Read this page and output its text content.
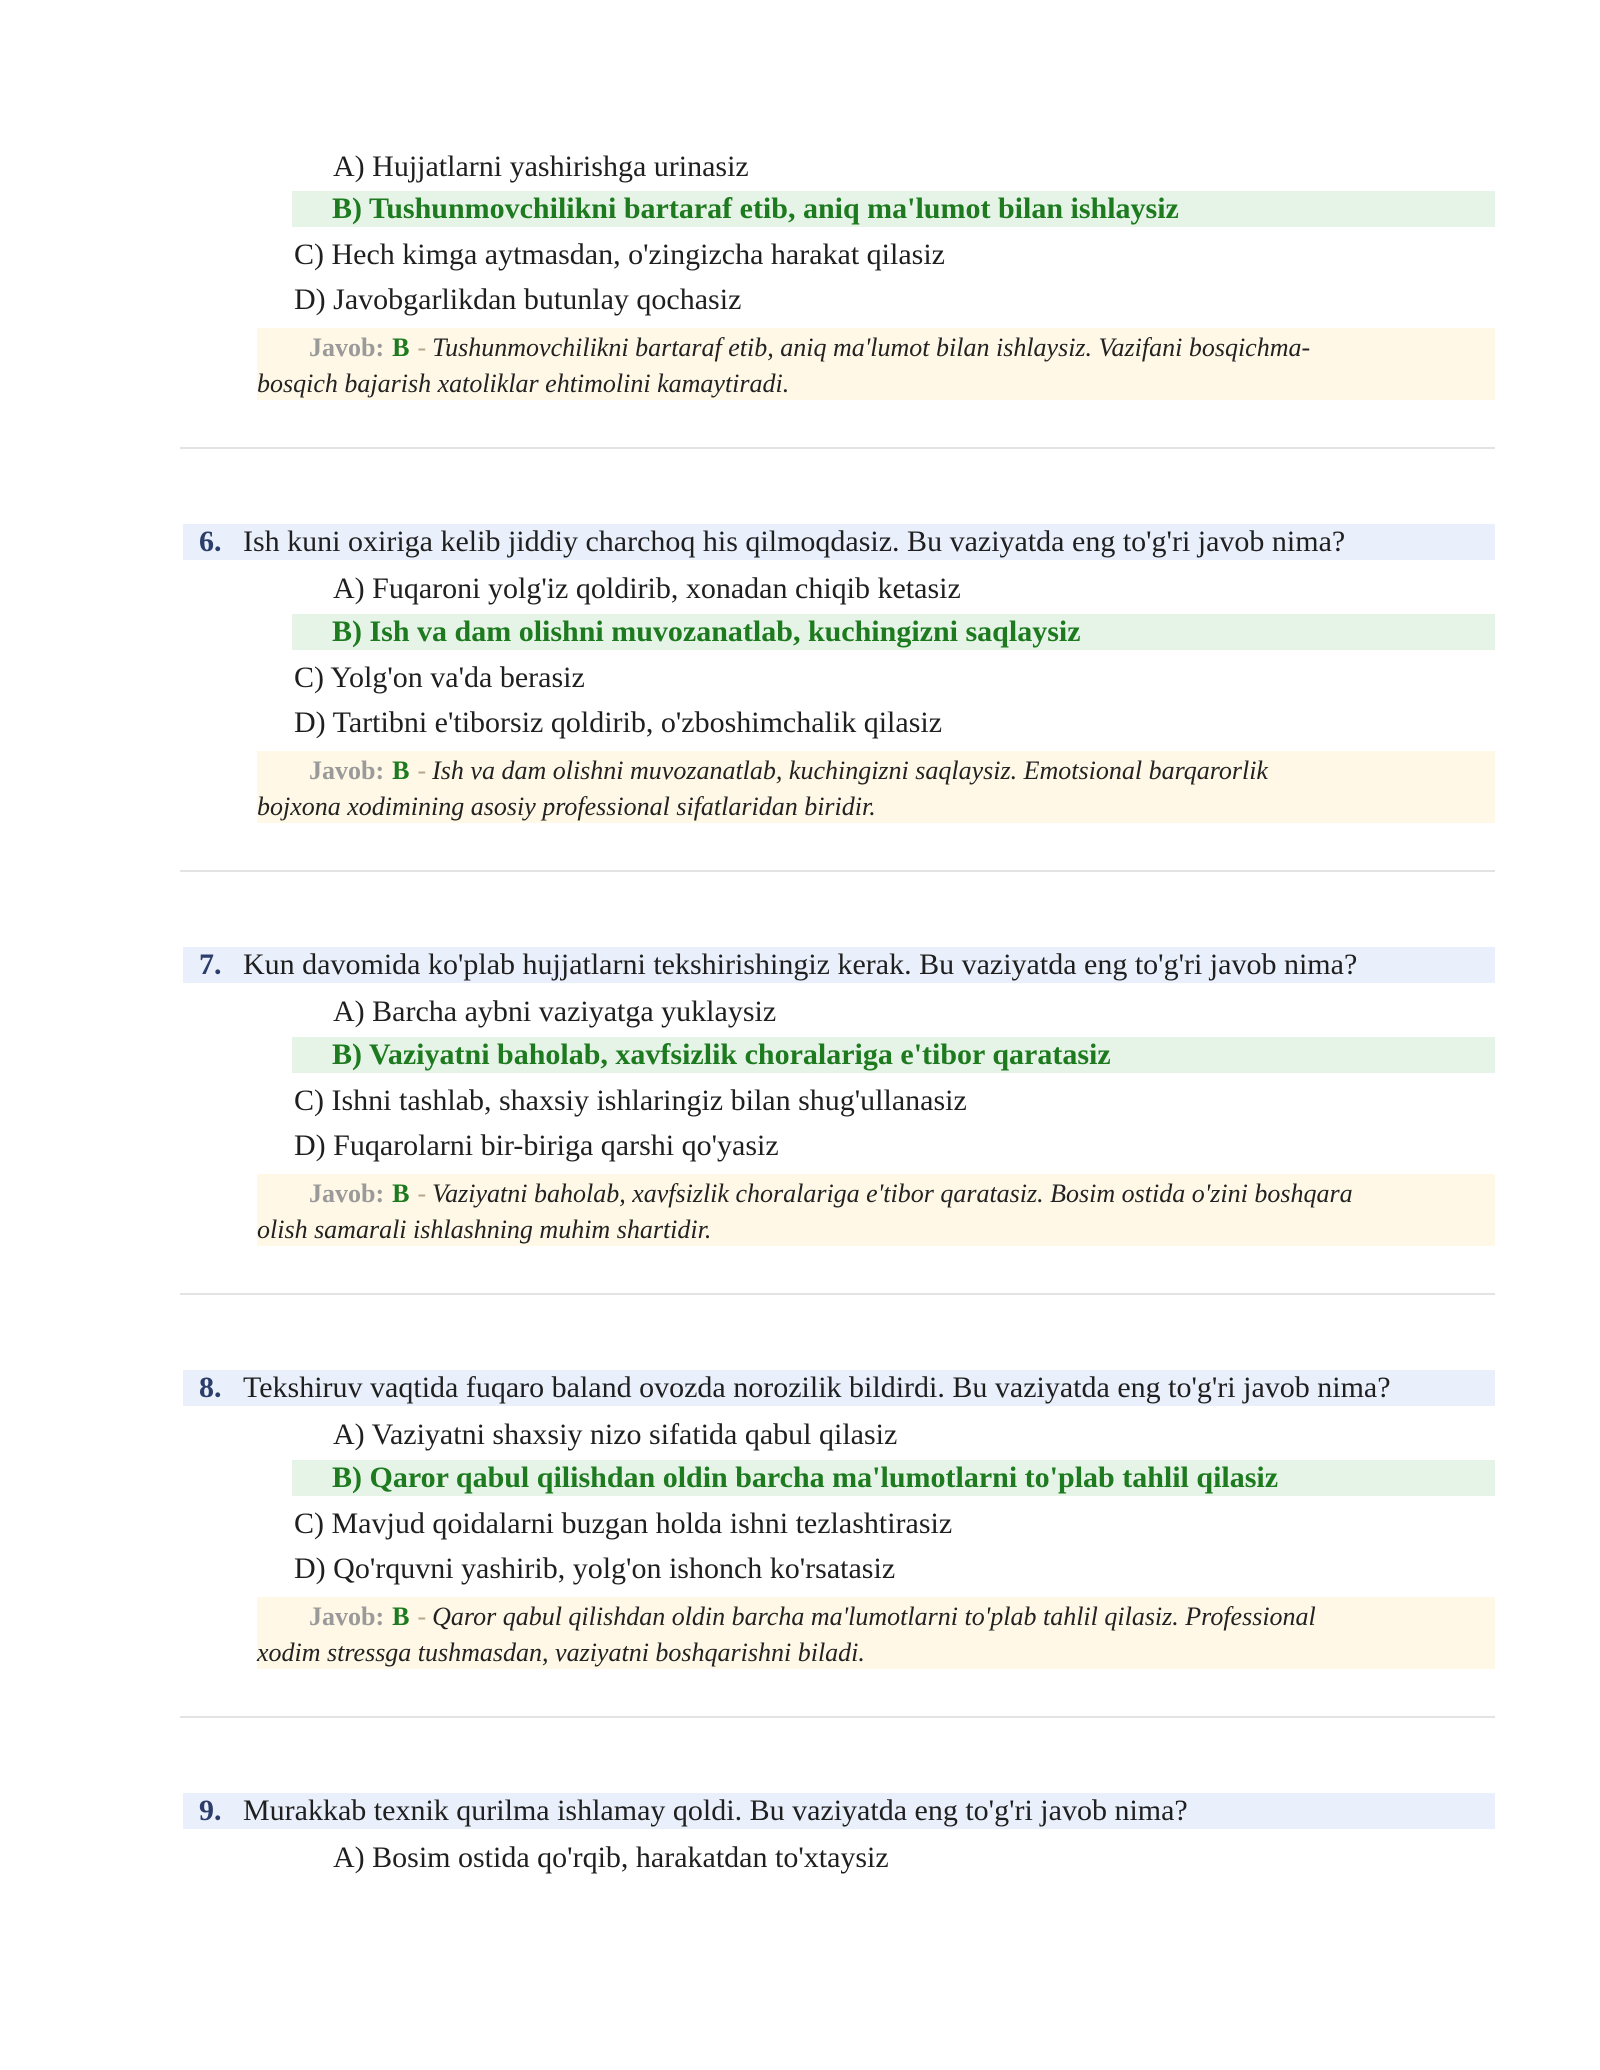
A) Hujjatlarni yashirishga urinasiz
B) Tushunmovchilikni bartaraf etib, aniq ma'lumot bilan ishlaysiz
C) Hech kimga aytmasdan, o'zingizcha harakat qilasiz
D) Javobgarlikdan butunlay qochasiz
Javob: B - Tushunmovchilikni bartaraf etib, aniq ma'lumot bilan ishlaysiz. Vazifani bosqichma-
bosqich bajarish xatoliklar ehtimolini kamaytiradi.
6. Ish kuni oxiriga kelib jiddiy charchoq his qilmoqdasiz. Bu vaziyatda eng to'g'ri javob nima?
A) Fuqaroni yolg'iz qoldirib, xonadan chiqib ketasiz
B) Ish va dam olishni muvozanatlab, kuchingizni saqlaysiz
C) Yolg'on va'da berasiz
D) Tartibni e'tiborsiz qoldirib, o'zboshimchalik qilasiz
Javob: B - Ish va dam olishni muvozanatlab, kuchingizni saqlaysiz. Emotsional barqarorlik
bojxona xodimining asosiy professional sifatlaridan biridir.
7. Kun davomida ko'plab hujjatlarni tekshirishingiz kerak. Bu vaziyatda eng to'g'ri javob nima?
A) Barcha aybni vaziyatga yuklaysiz
B) Vaziyatni baholab, xavfsizlik choralariga e'tibor qaratasiz
C) Ishni tashlab, shaxsiy ishlaringiz bilan shug'ullanasiz
D) Fuqarolarni bir-biriga qarshi qo'yasiz
Javob: B - Vaziyatni baholab, xavfsizlik choralariga e'tibor qaratasiz. Bosim ostida o'zini boshqara
olish samarali ishlashning muhim shartidir.
8. Tekshiruv vaqtida fuqaro baland ovozda norozilik bildirdi. Bu vaziyatda eng to'g'ri javob nima?
A) Vaziyatni shaxsiy nizo sifatida qabul qilasiz
B) Qaror qabul qilishdan oldin barcha ma'lumotlarni to'plab tahlil qilasiz
C) Mavjud qoidalarni buzgan holda ishni tezlashtirasiz
D) Qo'rquvni yashirib, yolg'on ishonch ko'rsatasiz
Javob: B - Qaror qabul qilishdan oldin barcha ma'lumotlarni to'plab tahlil qilasiz. Professional
xodim stressga tushmasdan, vaziyatni boshqarishni biladi.
9. Murakkab texnik qurilma ishlamay qoldi. Bu vaziyatda eng to'g'ri javob nima?
A) Bosim ostida qo'rqib, harakatdan to'xtaysiz
